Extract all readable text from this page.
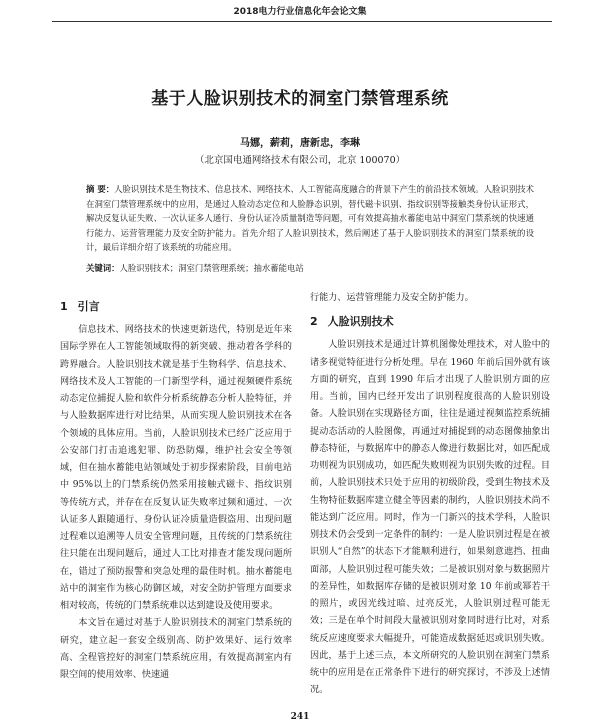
2018电力行业信息化年会论文集
基于人脸识别技术的洞室门禁管理系统
马娜，薪莉，唐新忠，李琳
（北京国电通网络技术有限公司，北京 100070）
摘 要：人脸识别技术是生物技术、信息技术、网络技术、人工智能高度融合的背景下产生的前沿技术领域。人脸识别技术在洞室门禁管理系统中的应用，是通过人脸动态定位和人脸静态识别，替代磁卡识别、指纹识别等接触类身份认证形式，解决反复认证失败、一次认证多人通行、身份认证冷质量制造等问题，可有效提高抽水蓄能电站中洞室门禁系统的快速通行能力、运营管理能力及安全防护能力。首先介绍了人脸识别技术，然后阐述了基于人脸识别技术的洞室门禁系统的设计，最后详细介绍了该系统的功能应用。
关键词：人脸识别技术；洞室门禁管理系统；抽水蓄能电站
1 引言

信息技术、网络技术的快速更新迭代，特别是近年来国际学界在人工智能领域取得的新突破、推动着各学科的跨界融合。人脸识别技术就是基于生物科学、信息技术、网络技术及人工智能的一门新型学科，通过视频硬件系统动态定位捕捉人脸和软件分析系统静态分析人脸特征，并与人脸数据库进行对比结果，从而实现人脸识别技术在各个领域的具体应用。当前，人脸识别技术已经广泛应用于公安部门打击追逃犯罪、防恐防爆，维护社会安全等领域，但在抽水蓄能电站领域处于初步探索阶段，目前电站中 95%以上的门禁系统仍然采用接触式磁卡、指纹识别等传统方式，并存在在反复认证失败率过频和通过、一次认证多人跟随通行、身份认证冷质量造假盗用、出现问题过程难以追溯等人员安全管理问题，且传统的门禁系统往往只能在出现问题后，通过人工比对排查才能发现问题所在，错过了预防报警和突急处理的最佳时机。抽水蓄能电站中的洞室作为核心防御区域，对安全防护管理方面要求相对较高，传统的门禁系统难以达到建设及使用要求。

本文旨在通过对基于人脸识别技术的洞室门禁系统的研究，建立起一套安全级别高、防护效果好、运行效率高、全程管控好的洞室门禁系统应用，有效提高洞室内有限空间的使用效率、快速通

行能力、运营管理能力及安全防护能力。

2 人脸识别技术

人脸识别技术是通过计算机图像处理技术，对人脸中的诸多视觉特征进行分析处理。早在 1960 年前后国外就有该方面的研究，直到 1990 年后才出现了人脸识别方面的应用。当前，国内已经开发出了识别程度很高的人脸识别设备。人脸识别在实现路径方面，往往是通过视频监控系统捕捉动态活动的人脸图像，再通过对捕捉到的动态图像抽象出静态特征，与数据库中的静态人像进行数据比对，如匹配成功则视为识别成功，如匹配失败则视为识别失败的过程。目前，人脸识别技术只处于应用的初级阶段，受到生物技术及生物特征数据库建立健全等因素的制约，人脸识别技术尚不能达到广泛应用。同时，作为一门新兴的技术学科，人脸识别技术仍会受到一定条件的制约：一是人脸识别过程是在被识别人“自然”的状态下才能顺利进行，如果刻意遮挡、扭曲面部，人脸识别过程可能失效；二是被识别对象与数据照片的差异性，如数据库存储的是被识别对象 10 年前或幂若干的照片，或因光线过暗、过亮反光，人脸识别过程可能无效；三是在单个时间段大量被识别对象同时进行比对，对系统反应速度要求大幅提升，可能造成数据延迟或识别失败。因此，基于上述三点，本文所研究的人脸识别在洞室门禁系统中的应用是在正常条件下进行的研究探讨，不涉及上述情况。

241
